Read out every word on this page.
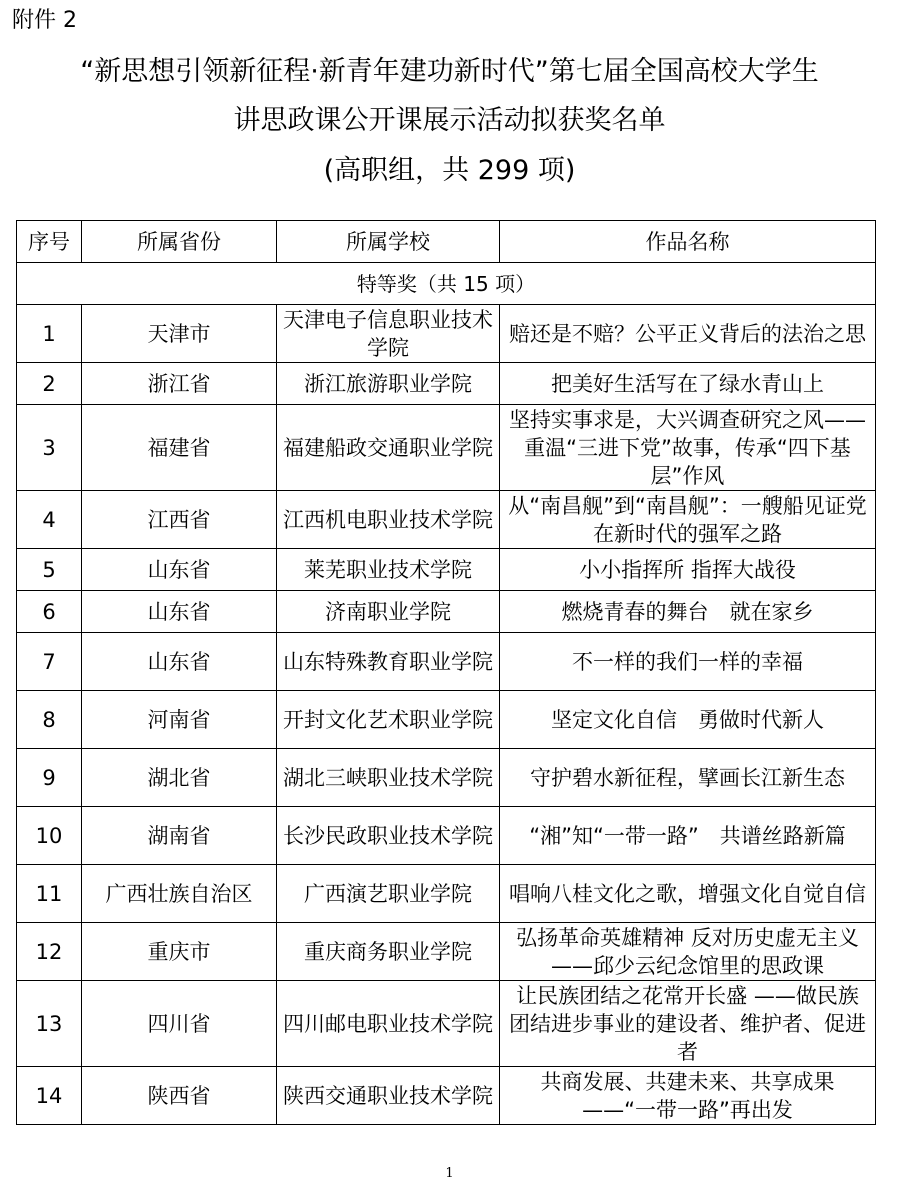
附件 2
“新思想引领新征程·新青年建功新时代”第七届全国高校大学生
讲思政课公开课展示活动拟获奖名单
(高职组，共 299 项)
序号	所属省份	所属学校	作品名称
特等奖（共 15 项）			
1	天津市	天津电子信息职业技术学院	赔还是不赔？公平正义背后的法治之思
2	浙江省	浙江旅游职业学院	把美好生活写在了绿水青山上
3	福建省	福建船政交通职业学院	坚持实事求是，大兴调查研究之风——重温“三进下党”故事，传承“四下基层”作风
4	江西省	江西机电职业技术学院	从“南昌舰”到“南昌舰”：一艘船见证党在新时代的强军之路
5	山东省	莱芜职业技术学院	小小指挥所 指挥大战役
6	山东省	济南职业学院	燃烧青春的舞台　就在家乡
7	山东省	山东特殊教育职业学院	不一样的我们一样的幸福
8	河南省	开封文化艺术职业学院	坚定文化自信　勇做时代新人
9	湖北省	湖北三峡职业技术学院	守护碧水新征程，擘画长江新生态
10	湖南省	长沙民政职业技术学院	“湘”知“一带一路”　共谱丝路新篇
11	广西壮族自治区	广西演艺职业学院	唱响八桂文化之歌，增强文化自觉自信
12	重庆市	重庆商务职业学院	弘扬革命英雄精神 反对历史虚无主义——邱少云纪念馆里的思政课
13	四川省	四川邮电职业技术学院	让民族团结之花常开长盛 ——做民族团结进步事业的建设者、维护者、促进者
14	陕西省	陕西交通职业技术学院	共商发展、共建未来、共享成果——“一带一路”再出发
1
